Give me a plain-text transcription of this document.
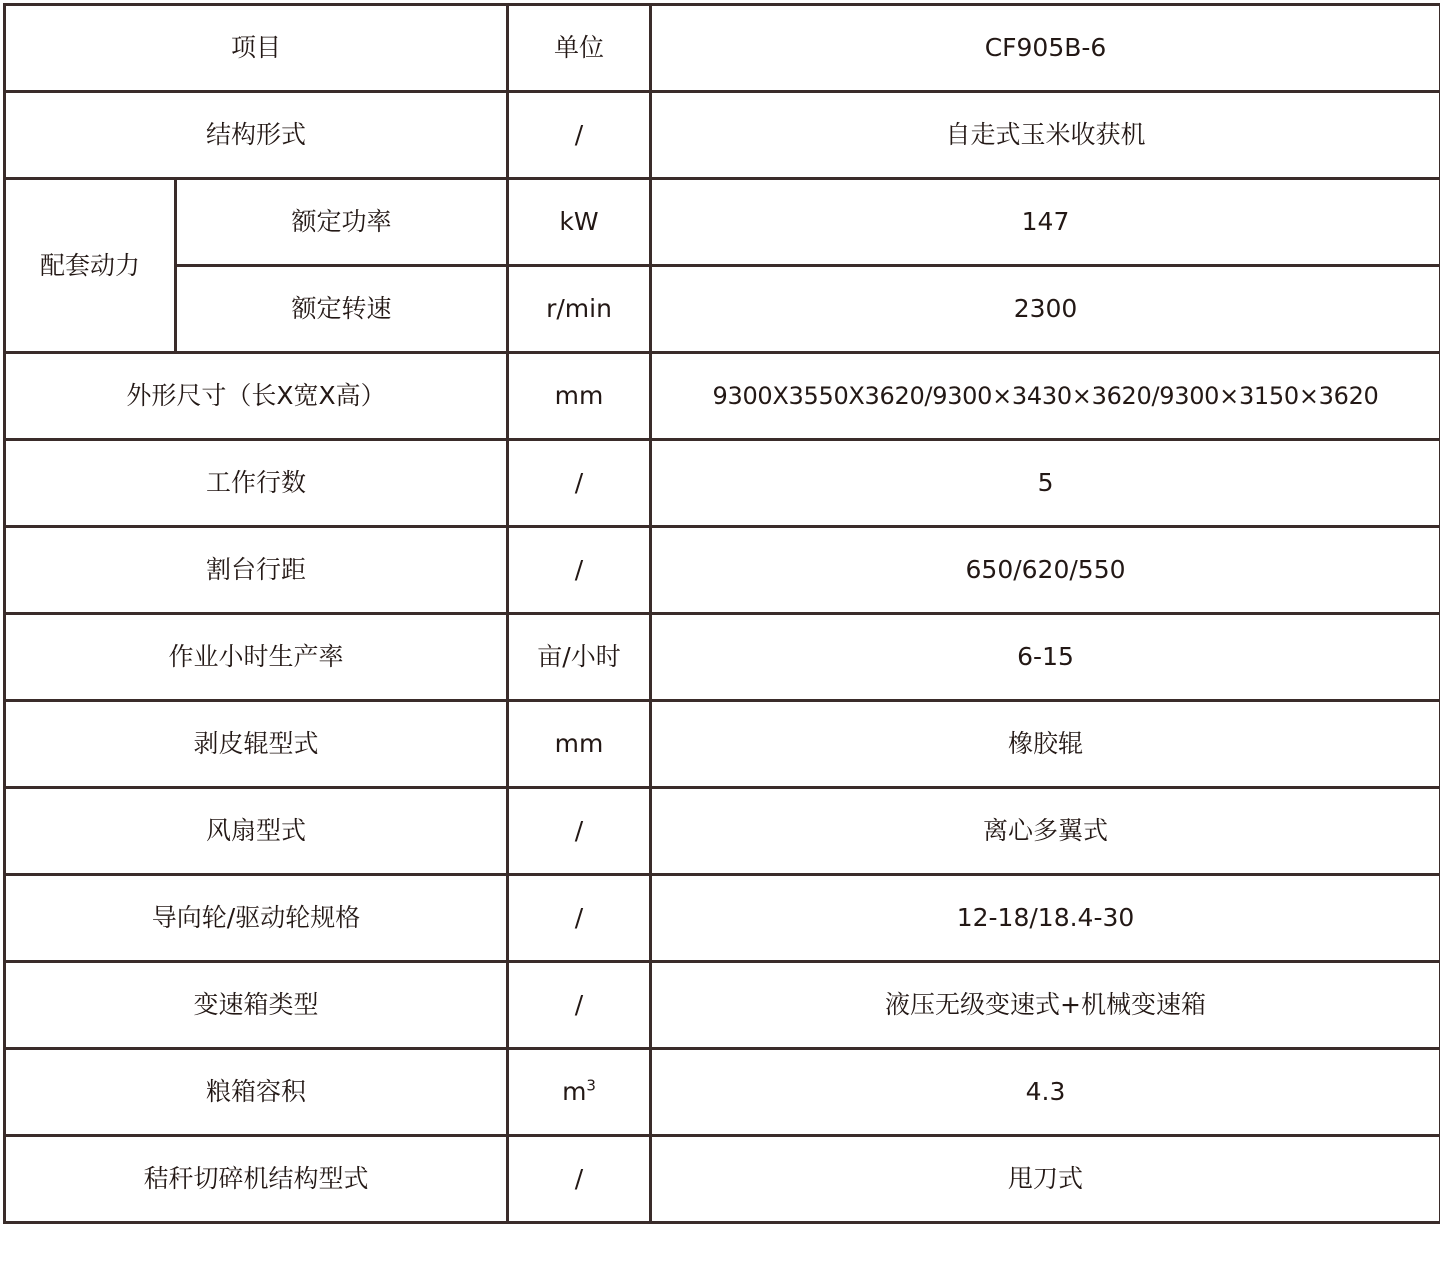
项目		单位	CF905B-6
结构形式		/	自走式玉米收获机
配套动力	额定功率	kW	147
	额定转速	r/min	2300
外形尺寸（长X宽X高）		mm	9300X3550X3620/9300×3430×3620/9300×3150×3620
工作行数		/	5
割台行距		/	650/620/550
作业小时生产率		亩/小时	6-15
剥皮辊型式		mm	橡胶辊
风扇型式		/	离心多翼式
导向轮/驱动轮规格		/	12-18/18.4-30
变速箱类型		/	液压无级变速式+机械变速箱
粮箱容积		$m^3$	4.3
秸秆切碎机结构型式		/	甩刀式
